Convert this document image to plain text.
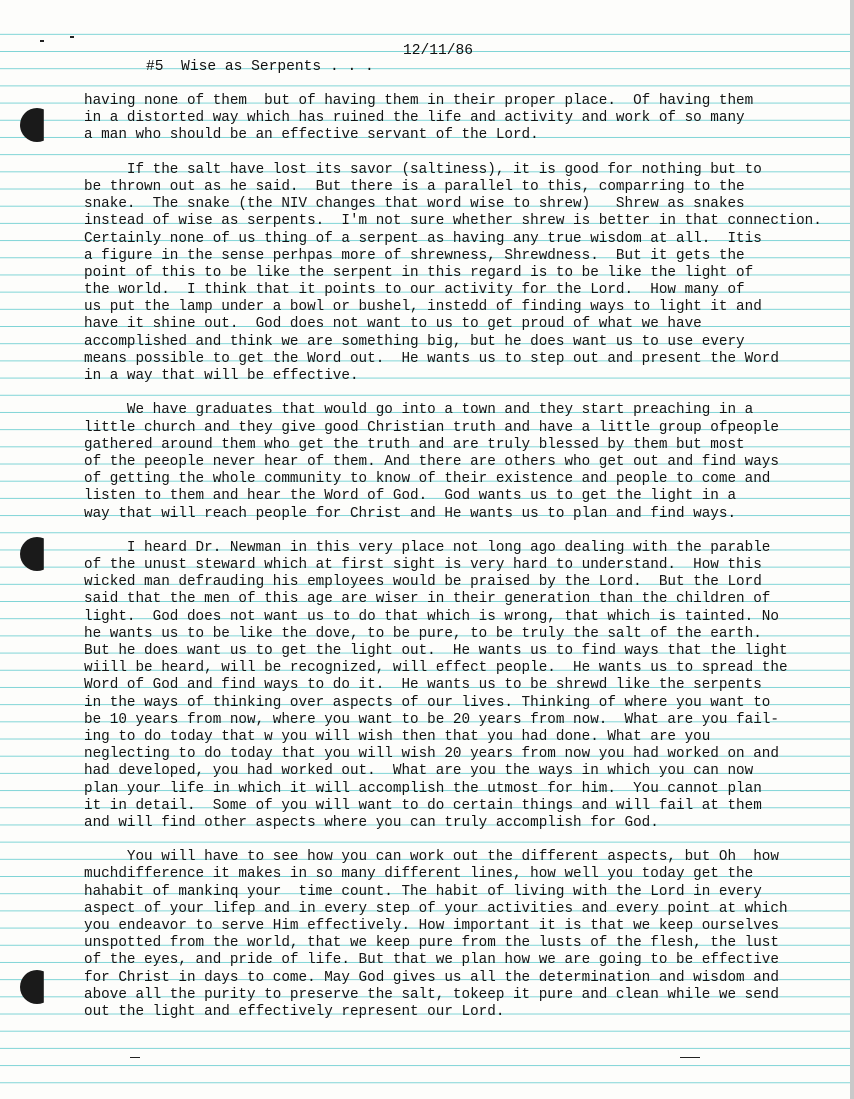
#5  Wise as Serpents . . .

12/11/86

having none of them  but of having them in their proper place.  Of having them
in a distorted way which has ruined the life and activity and work of so many
a man who should be an effective servant of the Lord.
If the salt have lost its savor (saltiness), it is good for nothing but to
be thrown out as he said.  But there is a parallel to this, comparring to the
snake.  The snake (the NIV changes that word wise to shrew)   Shrew as snakes
instead of wise as serpents.  I'm not sure whether shrew is better in that connection.
Certainly none of us thing of a serpent as having any true wisdom at all.  Itis
a figure in the sense perhpas more of shrewness, Shrewdness.  But it gets the
point of this to be like the serpent in this regard is to be like the light of
the world.  I think that it points to our activity for the Lord.  How many of
us put the lamp under a bowl or bushel, instedd of finding ways to light it and
have it shine out.  God does not want to us to get proud of what we have
accomplished and think we are something big, but he does want us to use every
means possible to get the Word out.  He wants us to step out and present the Word
in a way that will be effective.
We have graduates that would go into a town and they start preaching in a
little church and they give good Christian truth and have a little group ofpeople
gathered around them who get the truth and are truly blessed by them but most
of the peeople never hear of them. And there are others who get out and find ways
of getting the whole community to know of their existence and people to come and
listen to them and hear the Word of God.  God wants us to get the light in a
way that will reach people for Christ and He wants us to plan and find ways.
I heard Dr. Newman in this very place not long ago dealing with the parable
of the unust steward which at first sight is very hard to understand.  How this
wicked man defrauding his employees would be praised by the Lord.  But the Lord
said that the men of this age are wiser in their generation than the children of
light.  God does not want us to do that which is wrong, that which is tainted. No
he wants us to be like the dove, to be pure, to be truly the salt of the earth.
But he does want us to get the light out.  He wants us to find ways that the light
wiill be heard, will be recognized, will effect people.  He wants us to spread the
Word of God and find ways to do it.  He wants us to be shrewd like the serpents
in the ways of thinking over aspects of our lives. Thinking of where you want to
be 10 years from now, where you want to be 20 years from now.  What are you fail-
ing to do today that w you will wish then that you had done. What are you
neglecting to do today that you will wish 20 years from now you had worked on and
had developed, you had worked out.  What are you the ways in which you can now
plan your life in which it will accomplish the utmost for him.  You cannot plan
it in detail.  Some of you will want to do certain things and will fail at them
and will find other aspects where you can truly accomplish for God.
You will have to see how you can work out the different aspects, but Oh  how
muchdifference it makes in so many different lines, how well you today get the
hahabit of mankinq your  time count. The habit of living with the Lord in every
aspect of your lifep and in every step of your activities and every point at which
you endeavor to serve Him effectively. How important it is that we keep ourselves
unspotted from the world, that we keep pure from the lusts of the flesh, the lust
of the eyes, and pride of life. But that we plan how we are going to be effective
for Christ in days to come. May God gives us all the determination and wisdom and
above all the purity to preserve the salt, tokeep it pure and clean while we send
out the light and effectively represent our Lord.
